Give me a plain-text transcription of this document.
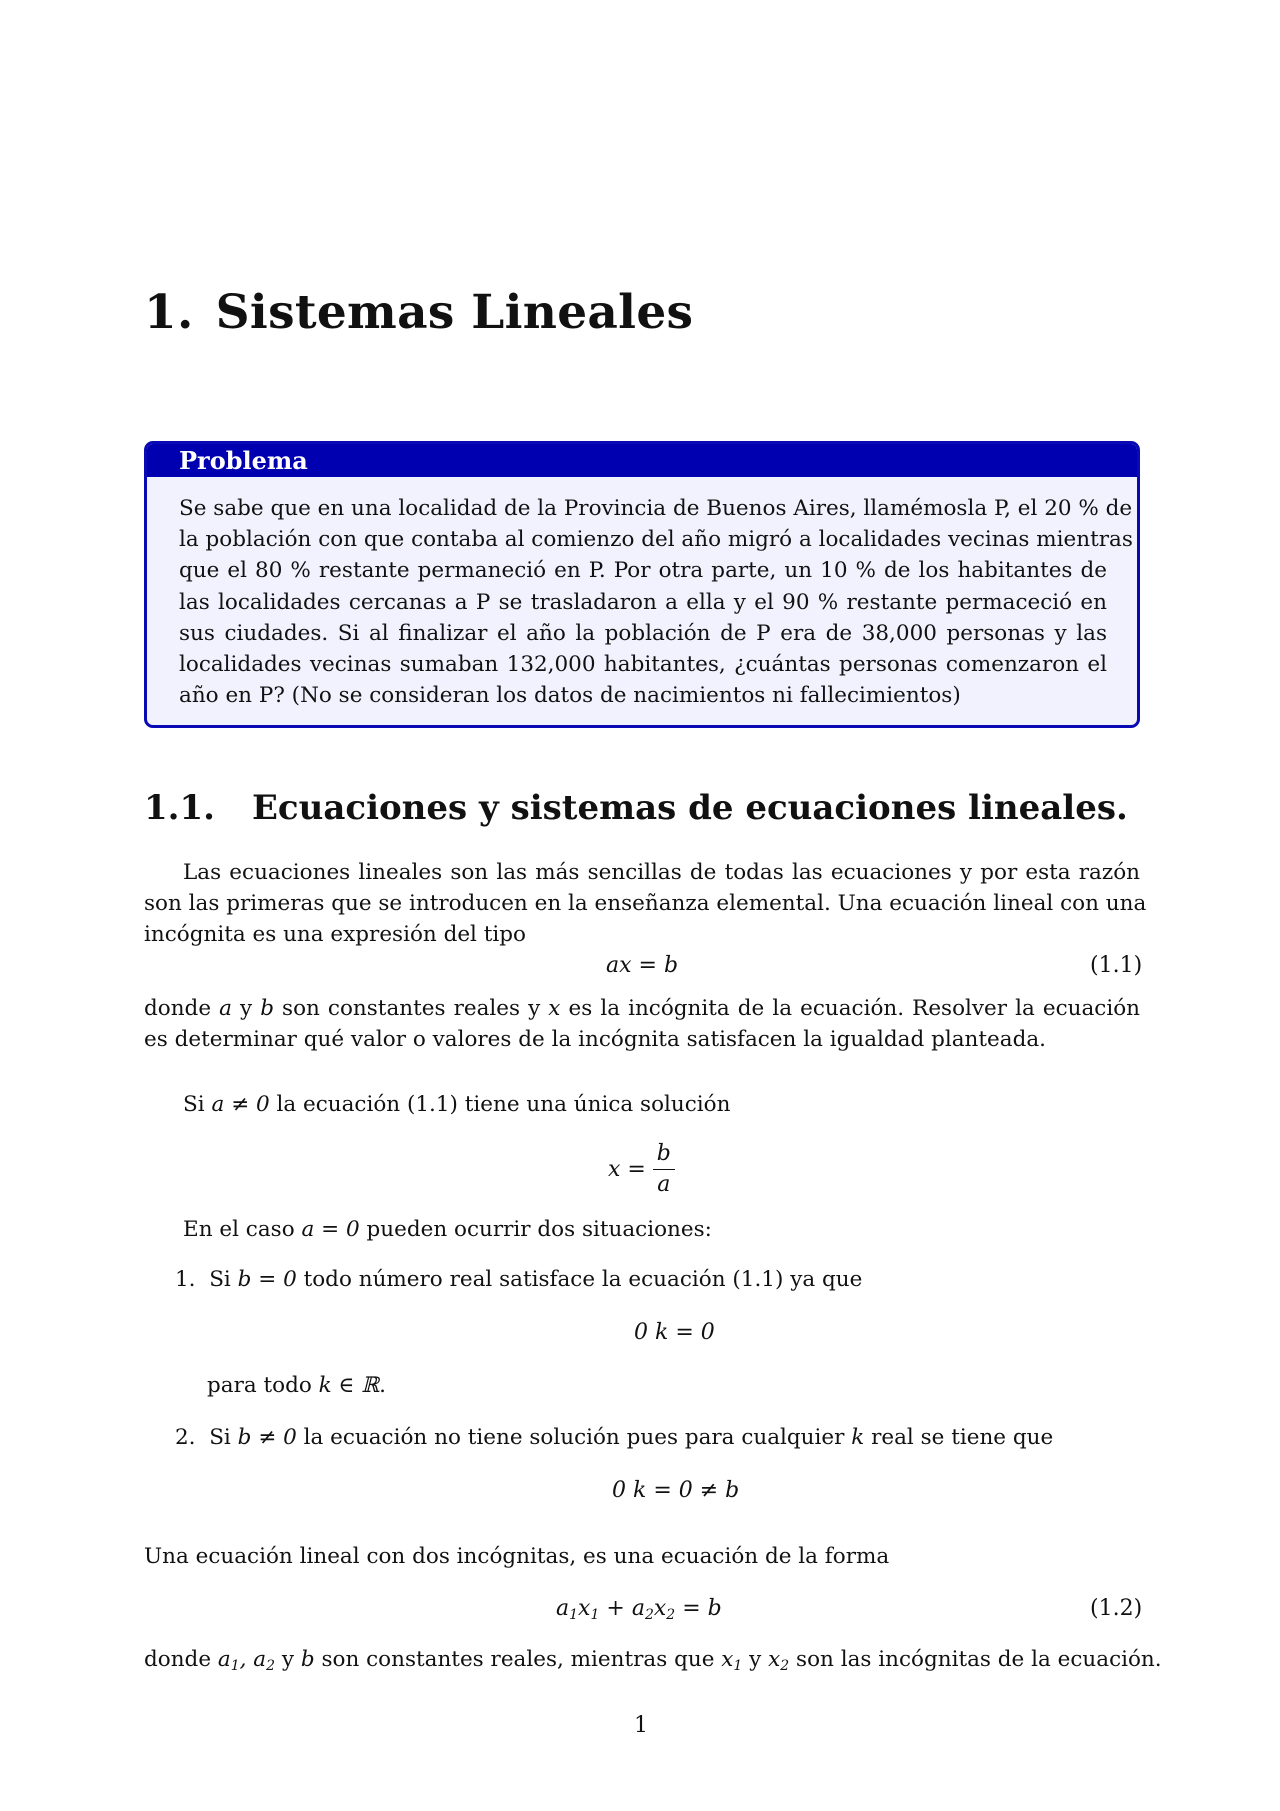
1. Sistemas Lineales
Problema
Se sabe que en una localidad de la Provincia de Buenos Aires, llamémosla P, el 20 % de
la población con que contaba al comienzo del año migró a localidades vecinas mientras
que el 80 % restante permaneció en P. Por otra parte, un 10 % de los habitantes de
las localidades cercanas a P se trasladaron a ella y el 90 % restante permaceció en
sus ciudades. Si al finalizar el año la población de P era de 38,000 personas y las
localidades vecinas sumaban 132,000 habitantes, ¿cuántas personas comenzaron el
año en P? (No se consideran los datos de nacimientos ni fallecimientos)
1.1. Ecuaciones y sistemas de ecuaciones lineales.
Las ecuaciones lineales son las más sencillas de todas las ecuaciones y por esta razón
son las primeras que se introducen en la enseñanza elemental. Una ecuación lineal con una
incógnita es una expresión del tipo
ax = b	(1.1)
donde a y b son constantes reales y x es la incógnita de la ecuación. Resolver la ecuación
es determinar qué valor o valores de la incógnita satisfacen la igualdad planteada.
Si a ≠ 0 la ecuación (1.1) tiene una única solución
$x = \frac{b}{a}$
En el caso a = 0 pueden ocurrir dos situaciones:
1. Si b = 0 todo número real satisface la ecuación (1.1) ya que
0 k = 0
para todo k ∈ ℝ.
2. Si b ≠ 0 la ecuación no tiene solución pues para cualquier k real se tiene que
0 k = 0 ≠ b
Una ecuación lineal con dos incógnitas, es una ecuación de la forma
$a_1x_1 + a_2x_2 = b$	(1.2)
donde $a_1$, $a_2$ y b son constantes reales, mientras que $x_1$ y $x_2$ son las incógnitas de la ecuación.
1
